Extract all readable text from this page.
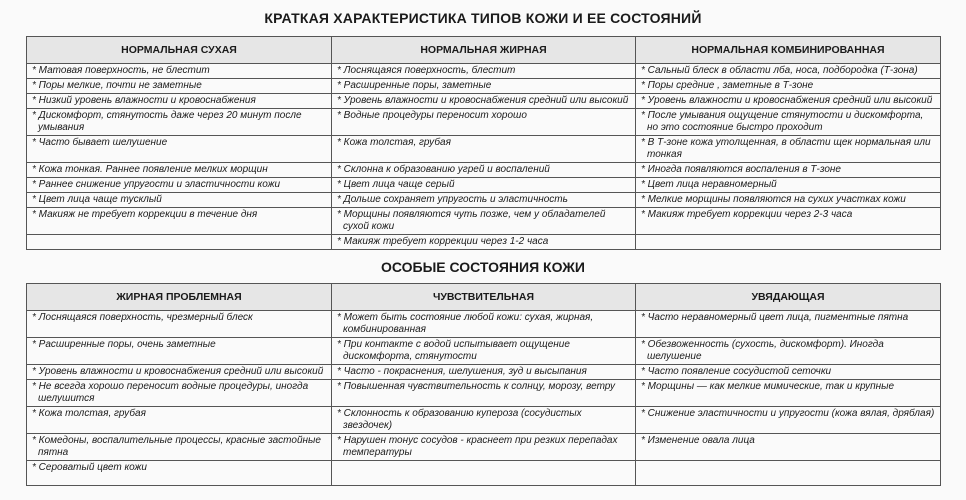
КРАТКАЯ ХАРАКТЕРИСТИКА ТИПОВ КОЖИ И ЕЕ СОСТОЯНИЙ
НОРМАЛЬНАЯ СУХАЯ	НОРМАЛЬНАЯ ЖИРНАЯ	НОРМАЛЬНАЯ КОМБИНИРОВАННАЯ

* Матовая поверхность, не блестит	* Лоснящаяся поверхность, блестит	* Сальный блеск в области лба, носа, подбородка (Т-зона)

* Поры мелкие, почти не заметные	* Расширенные поры, заметные	* Поры средние , заметные в Т-зоне

* Низкий уровень влажности и кровоснабжения	* Уровень влажности и кровоснабжения средний или высокий	* Уровень влажности и кровоснабжения средний или высокий

* Дискомфорт, стянутость даже через 20 минут после умывания	* Водные процедуры переносит хорошо	* После умывания ощущение стянутости и дискомфорта, но это состояние быстро проходит

* Часто бывает шелушение	* Кожа толстая, грубая	* В Т-зоне кожа утолщенная, в области щек нормальная или тонкая

* Кожа тонкая. Раннее появление мелких морщин	* Склонна к образованию угрей и воспалений	* Иногда появляются воспаления в Т-зоне

* Раннее снижение упругости и эластичности кожи	* Цвет лица чаще серый	* Цвет лица неравномерный

* Цвет лица чаще тусклый	* Дольше сохраняет упругость и эластичность	* Мелкие морщины появляются на сухих участках кожи

* Макияж не требует коррекции в течение дня	* Морщины появляются чуть позже, чем у обладателей сухой кожи	* Макияж требует коррекции через 2-3 часа

	* Макияж требует коррекции через 1-2 часа

ОСОБЫЕ СОСТОЯНИЯ КОЖИ
ЖИРНАЯ ПРОБЛЕМНАЯ	ЧУВСТВИТЕЛЬНАЯ	УВЯДАЮЩАЯ

* Лоснящаяся поверхность, чрезмерный блеск	* Может быть состояние любой кожи: сухая, жирная, комбинированная	* Часто неравномерный цвет лица, пигментные пятна

* Расширенные поры, очень заметные	* При контакте с водой испытывает ощущение дискомфорта, стянутости	* Обезвоженность (сухость, дискомфорт). Иногда шелушение

* Уровень влажности и кровоснабжения средний или высокий	* Часто - покраснения, шелушения, зуд и высыпания	* Часто появление сосудистой сеточки

* Не всегда хорошо переносит водные процедуры, иногда шелушится	* Повышенная чувствительность к солнцу, морозу, ветру	* Морщины — как мелкие мимические, так и крупные

* Кожа толстая, грубая	* Склонность к образованию купероза (сосудистых звездочек)	* Снижение эластичности и упругости (кожа вялая, дряблая)

* Комедоны, воспалительные процессы, красные застойные пятна	* Нарушен тонус сосудов - краснеет при резких перепадах температуры	* Изменение овала лица

* Сероватый цвет кожи
